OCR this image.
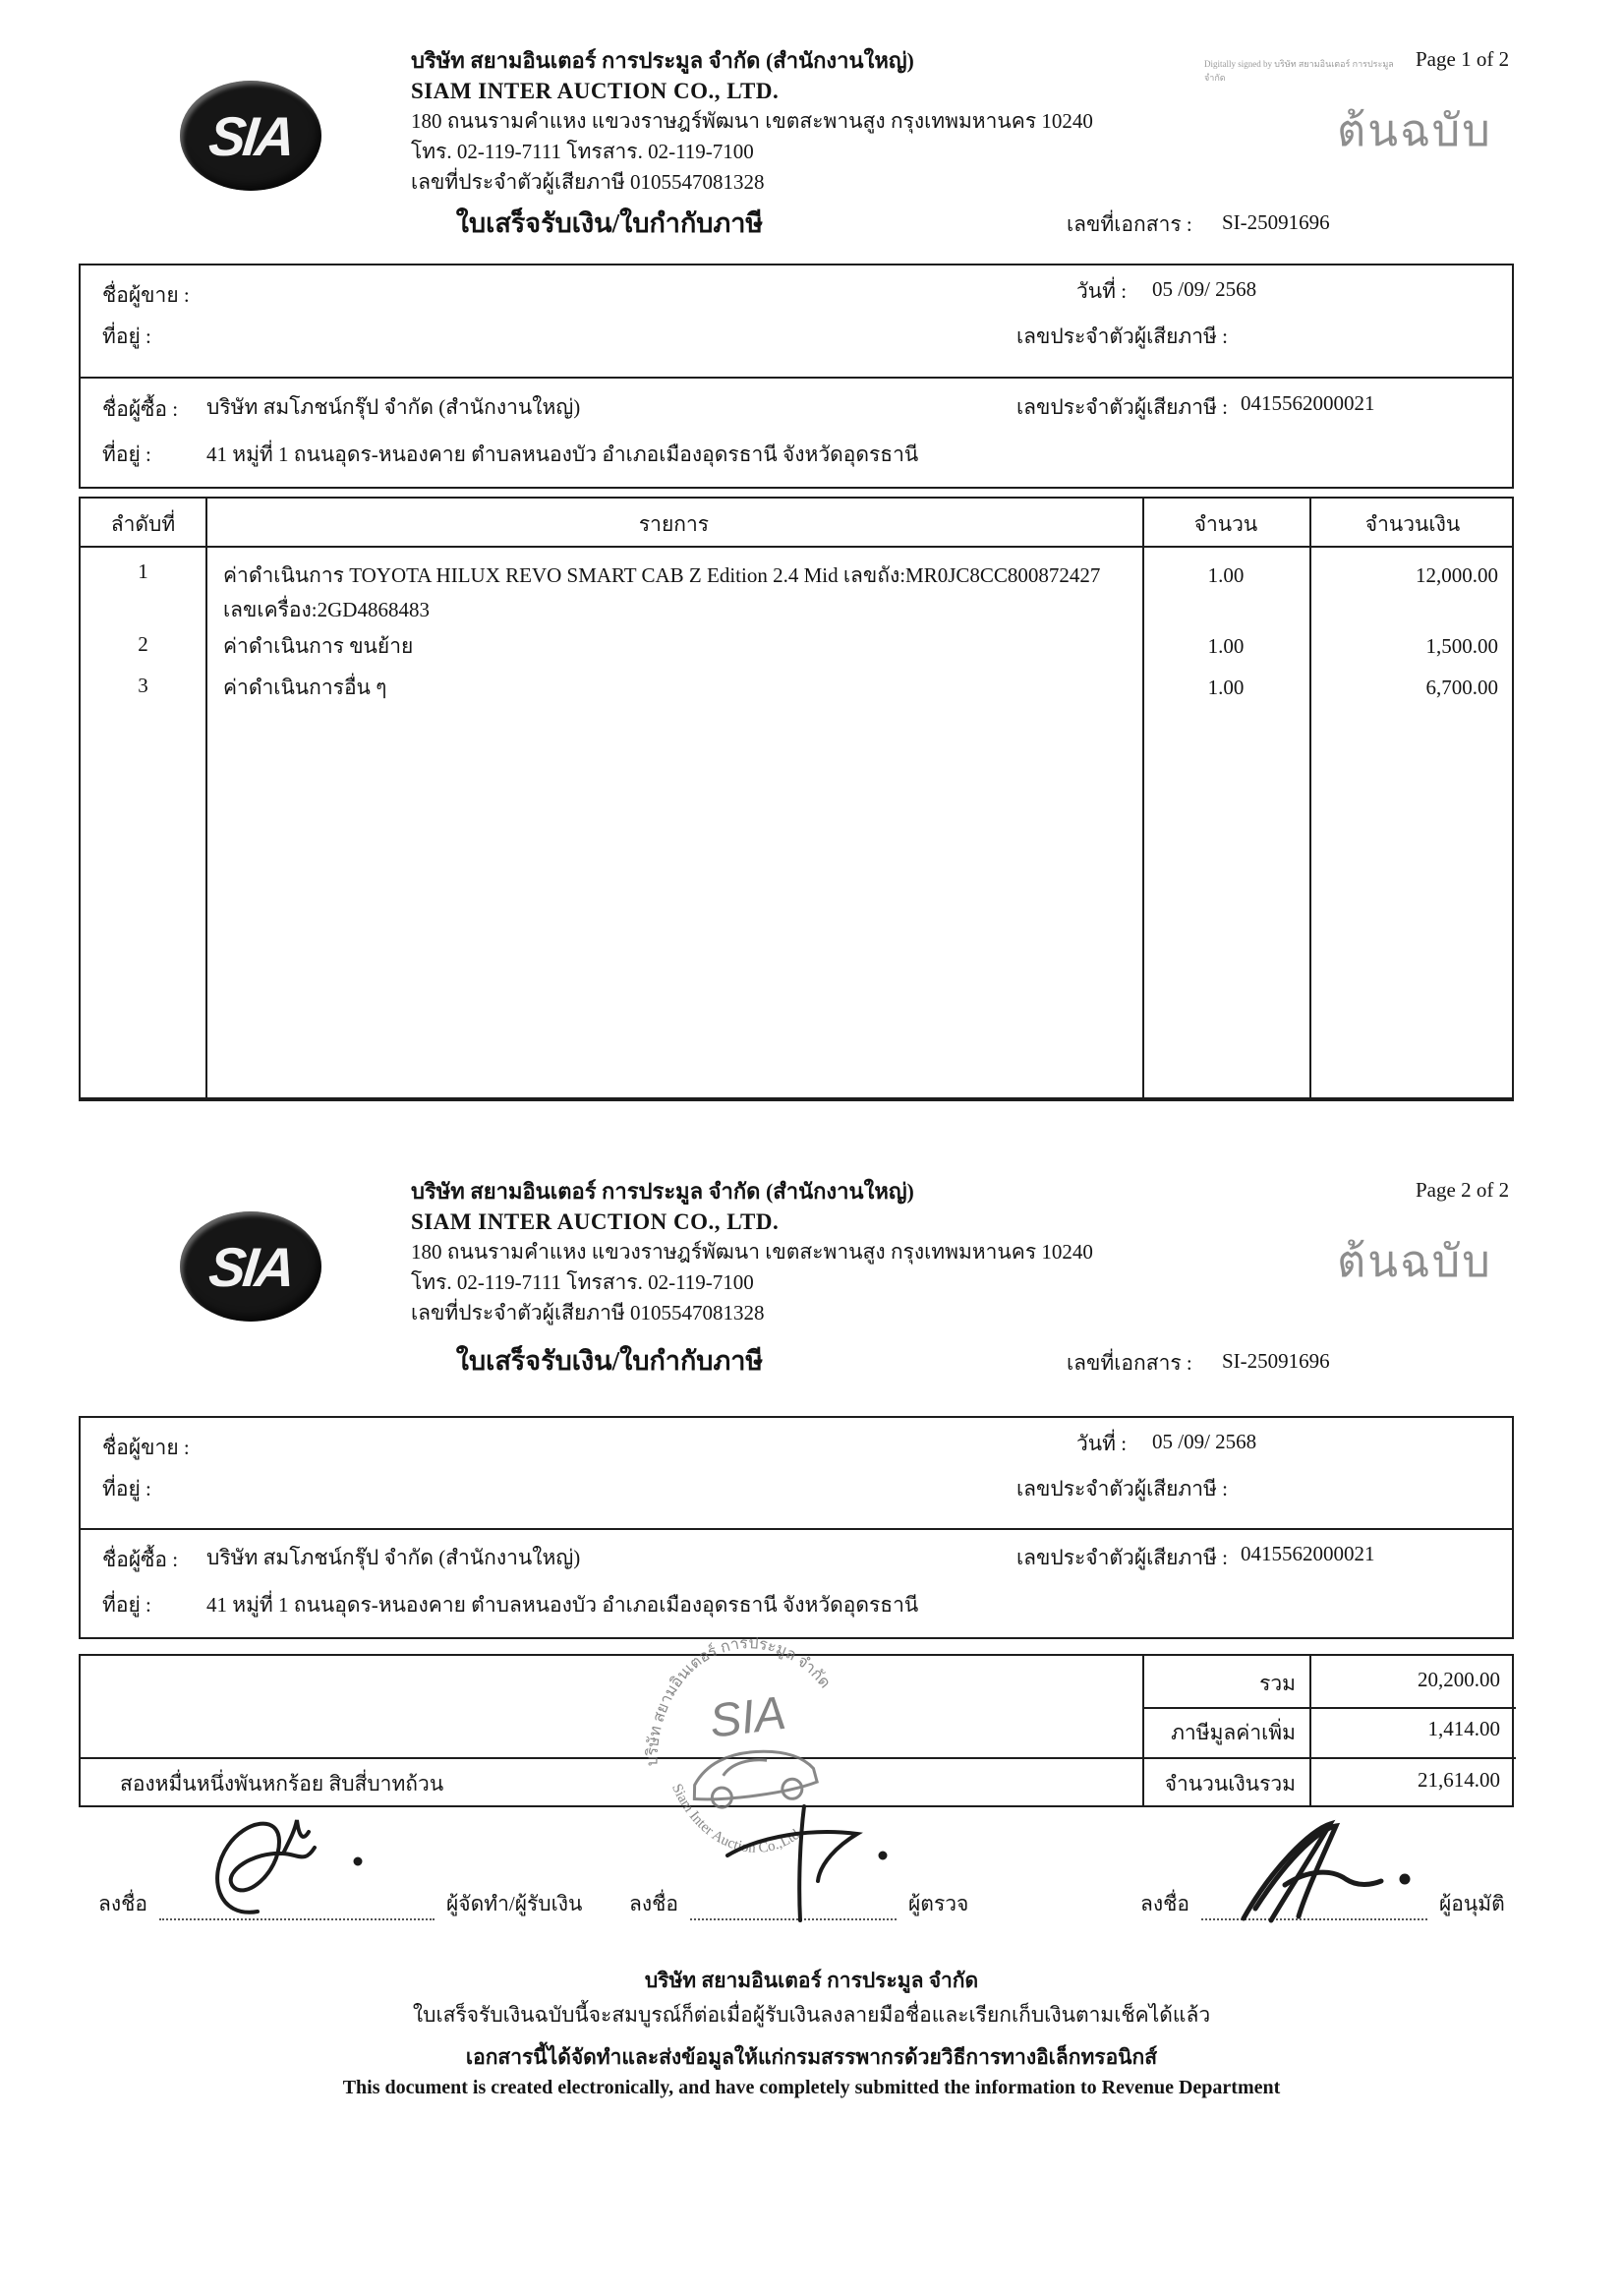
SIA
บริษัท สยามอินเตอร์ การประมูล จำกัด (สำนักงานใหญ่)
SIAM INTER AUCTION CO., LTD.
180 ถนนรามคำแหง แขวงราษฎร์พัฒนา เขตสะพานสูง กรุงเทพมหานคร 10240
โทร. 02-119-7111 โทรสาร. 02-119-7100
เลขที่ประจำตัวผู้เสียภาษี 0105547081328
Digitally signed by บริษัท สยามอินเตอร์ การประมูล จำกัด
Page 1 of 2
ต้นฉบับ
ใบเสร็จรับเงิน/ใบกำกับภาษี	เลขที่เอกสาร : SI-25091696
ชื่อผู้ขาย :
ที่อยู่ :
วันที่ : 05 /09/ 2568
เลขประจำตัวผู้เสียภาษี :
ชื่อผู้ซื้อ : บริษัท สมโภชน์กรุ๊ป จำกัด (สำนักงานใหญ่)	เลขประจำตัวผู้เสียภาษี : 0415562000021
ที่อยู่ :	41 หมู่ที่ 1 ถนนอุดร-หนองคาย ตำบลหนองบัว อำเภอเมืองอุดรธานี จังหวัดอุดรธานี
ลำดับที่	รายการ	จำนวน	จำนวนเงิน
1	ค่าดำเนินการ TOYOTA HILUX REVO SMART CAB Z Edition 2.4 Mid เลขถัง:MR0JC8CC800872427
เลขเครื่อง:2GD4868483
1.00	12,000.00
2	ค่าดำเนินการ ขนย้าย	1.00	1,500.00
3	ค่าดำเนินการอื่น ๆ	1.00	6,700.00
SIA
บริษัท สยามอินเตอร์ การประมูล จำกัด (สำนักงานใหญ่)
SIAM INTER AUCTION CO., LTD.
180 ถนนรามคำแหง แขวงราษฎร์พัฒนา เขตสะพานสูง กรุงเทพมหานคร 10240
โทร. 02-119-7111 โทรสาร. 02-119-7100
เลขที่ประจำตัวผู้เสียภาษี 0105547081328
Page 2 of 2
ต้นฉบับ
ใบเสร็จรับเงิน/ใบกำกับภาษี	เลขที่เอกสาร : SI-25091696
ชื่อผู้ขาย :
ที่อยู่ :
วันที่ : 05 /09/ 2568
เลขประจำตัวผู้เสียภาษี :
ชื่อผู้ซื้อ : บริษัท สมโภชน์กรุ๊ป จำกัด (สำนักงานใหญ่)	เลขประจำตัวผู้เสียภาษี : 0415562000021
ที่อยู่ :	41 หมู่ที่ 1 ถนนอุดร-หนองคาย ตำบลหนองบัว อำเภอเมืองอุดรธานี จังหวัดอุดรธานี
รวม	20,200.00
ภาษีมูลค่าเพิ่ม	1,414.00
จำนวนเงินรวม	21,614.00
สองหมื่นหนึ่งพันหกร้อย สิบสี่บาทถ้วน
บริษัท สยามอินเตอร์ การประมูล จำกัด
Siam Inter Auction Co.,Ltd.
SIA
ลงชื่อ	ผู้จัดทำ/ผู้รับเงิน ลงชื่อ	ผู้ตรวจ	ลงชื่อ	ผู้อนุมัติ
บริษัท สยามอินเตอร์ การประมูล จำกัด
ใบเสร็จรับเงินฉบับนี้จะสมบูรณ์ก็ต่อเมื่อผู้รับเงินลงลายมือชื่อและเรียกเก็บเงินตามเช็คได้แล้ว
เอกสารนี้ได้จัดทำและส่งข้อมูลให้แก่กรมสรรพากรด้วยวิธีการทางอิเล็กทรอนิกส์
This document is created electronically, and have completely submitted the information to Revenue Department
